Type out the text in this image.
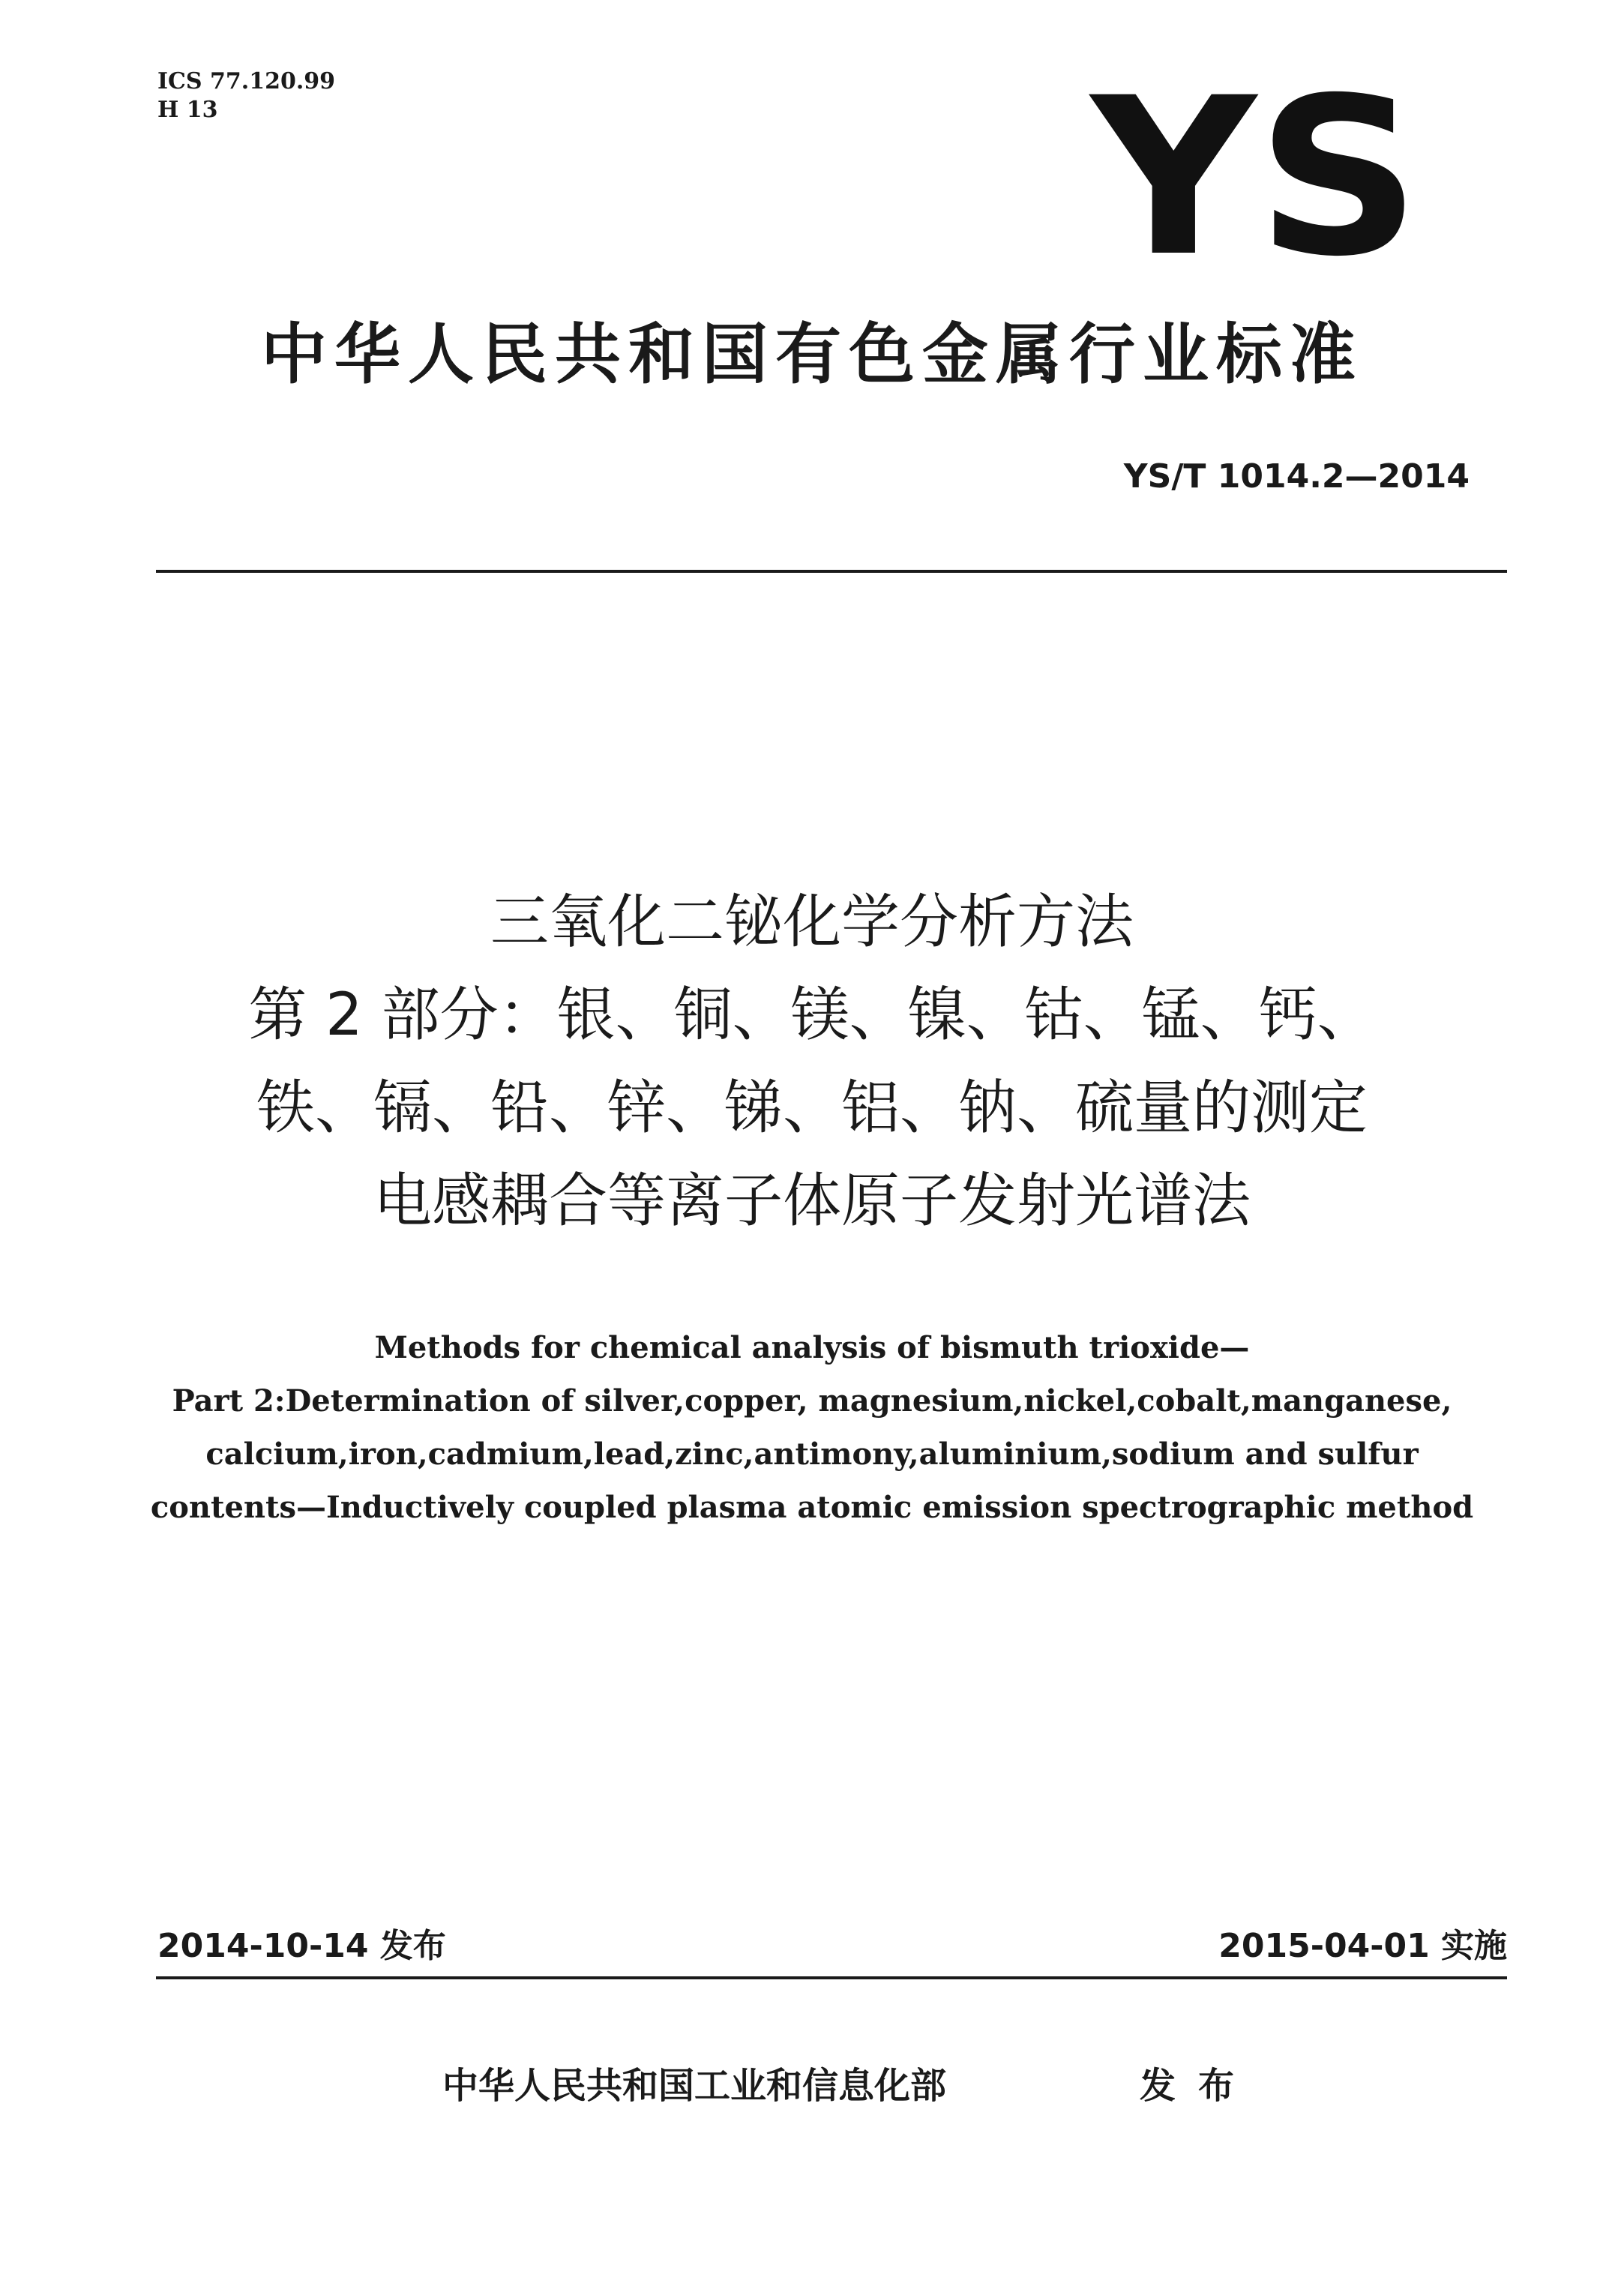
ICS 77.120.99
H 13	YS
中华人民共和国有色金属行业标准
YS/T 1014.2—2014
三氧化二铋化学分析方法
第 2 部分：银、铜、镁、镍、钴、锰、钙、
铁、镉、铅、锌、锑、铝、钠、硫量的测定
电感耦合等离子体原子发射光谱法
Methods for chemical analysis of bismuth trioxide—
Part 2:Determination of silver,copper, magnesium,nickel,cobalt,manganese,
calcium,iron,cadmium,lead,zinc,antimony,aluminium,sodium and sulfur
contents—Inductively coupled plasma atomic emission spectrographic method
2014-10-14 发布	2015-04-01 实施
中华人民共和国工业和信息化部	发布
